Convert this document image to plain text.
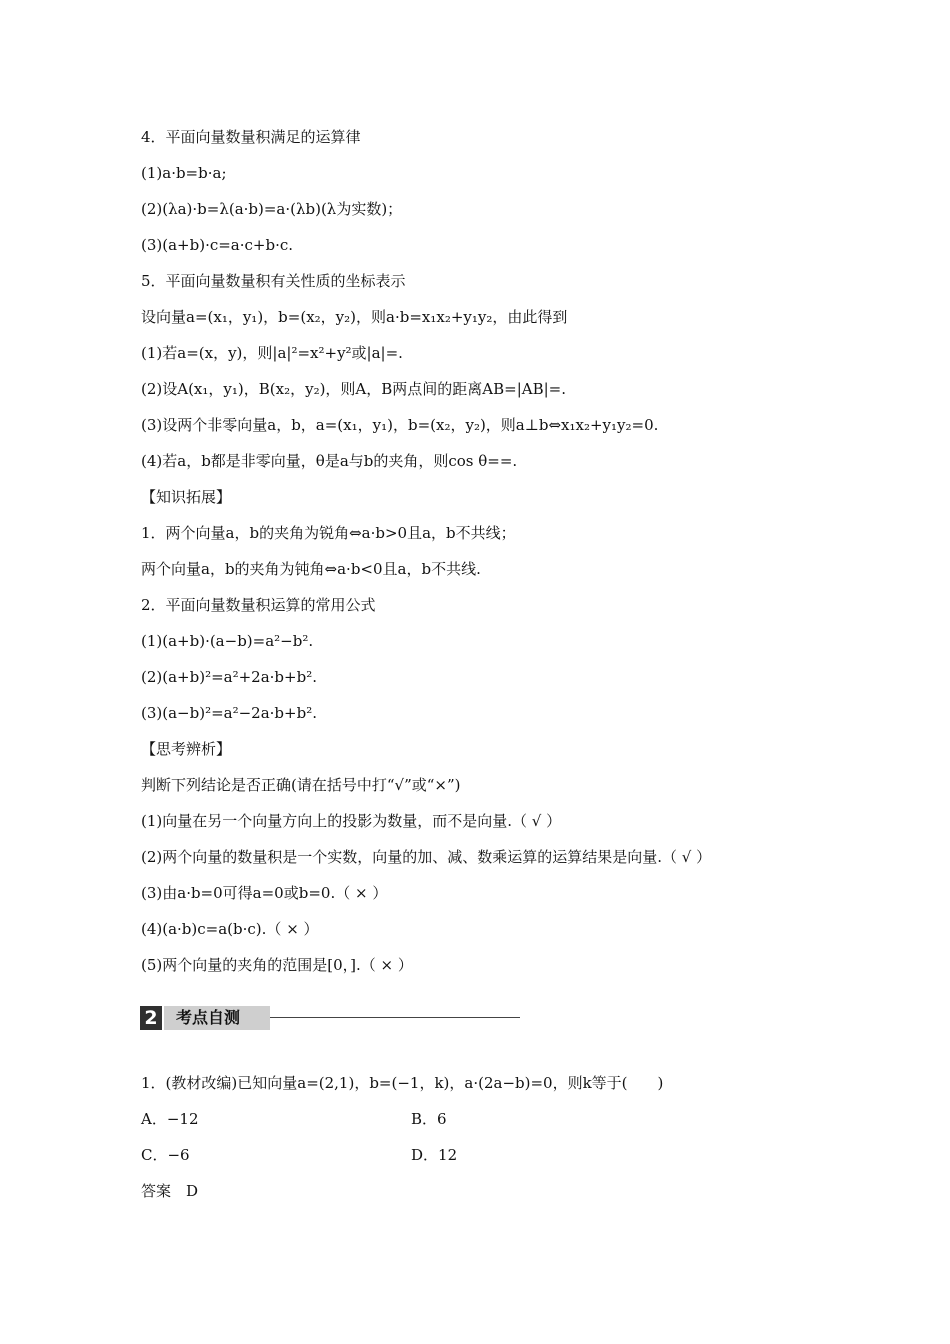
4．平面向量数量积满足的运算律
(1)a·b=b·a;
(2)(λa)·b=λ(a·b)=a·(λb)(λ为实数)；
(3)(a+b)·c=a·c+b·c.
5．平面向量数量积有关性质的坐标表示
设向量a=(x₁，y₁)，b=(x₂，y₂)，则a·b=x₁x₂+y₁y₂，由此得到
(1)若a=(x，y)，则|a|²=x²+y²或|a|=.
(2)设A(x₁，y₁)，B(x₂，y₂)，则A，B两点间的距离AB=|AB|=.
(3)设两个非零向量a，b，a=(x₁，y₁)，b=(x₂，y₂)，则a⊥b⇔x₁x₂+y₁y₂=0.
(4)若a，b都是非零向量，θ是a与b的夹角，则cos θ==.
【知识拓展】
1．两个向量a，b的夹角为锐角⇔a·b>0且a，b不共线；
两个向量a，b的夹角为钝角⇔a·b<0且a，b不共线.
2．平面向量数量积运算的常用公式
(1)(a+b)·(a−b)=a²−b².
(2)(a+b)²=a²+2a·b+b².
(3)(a−b)²=a²−2a·b+b².
【思考辨析】
判断下列结论是否正确(请在括号中打“√”或“×”)
(1)向量在另一个向量方向上的投影为数量，而不是向量.（ √ ）
(2)两个向量的数量积是一个实数，向量的加、减、数乘运算的运算结果是向量.（ √ ）
(3)由a·b=0可得a=0或b=0.（ × ）
(4)(a·b)c=a(b·c).（ × ）
(5)两个向量的夹角的范围是[0，].（ × ）
2	考点自测
1．(教材改编)已知向量a=(2,1)，b=(−1，k)，a·(2a−b)=0，则k等于(　　)
A．−12	B．6
C．−6	D．12
答案　D
